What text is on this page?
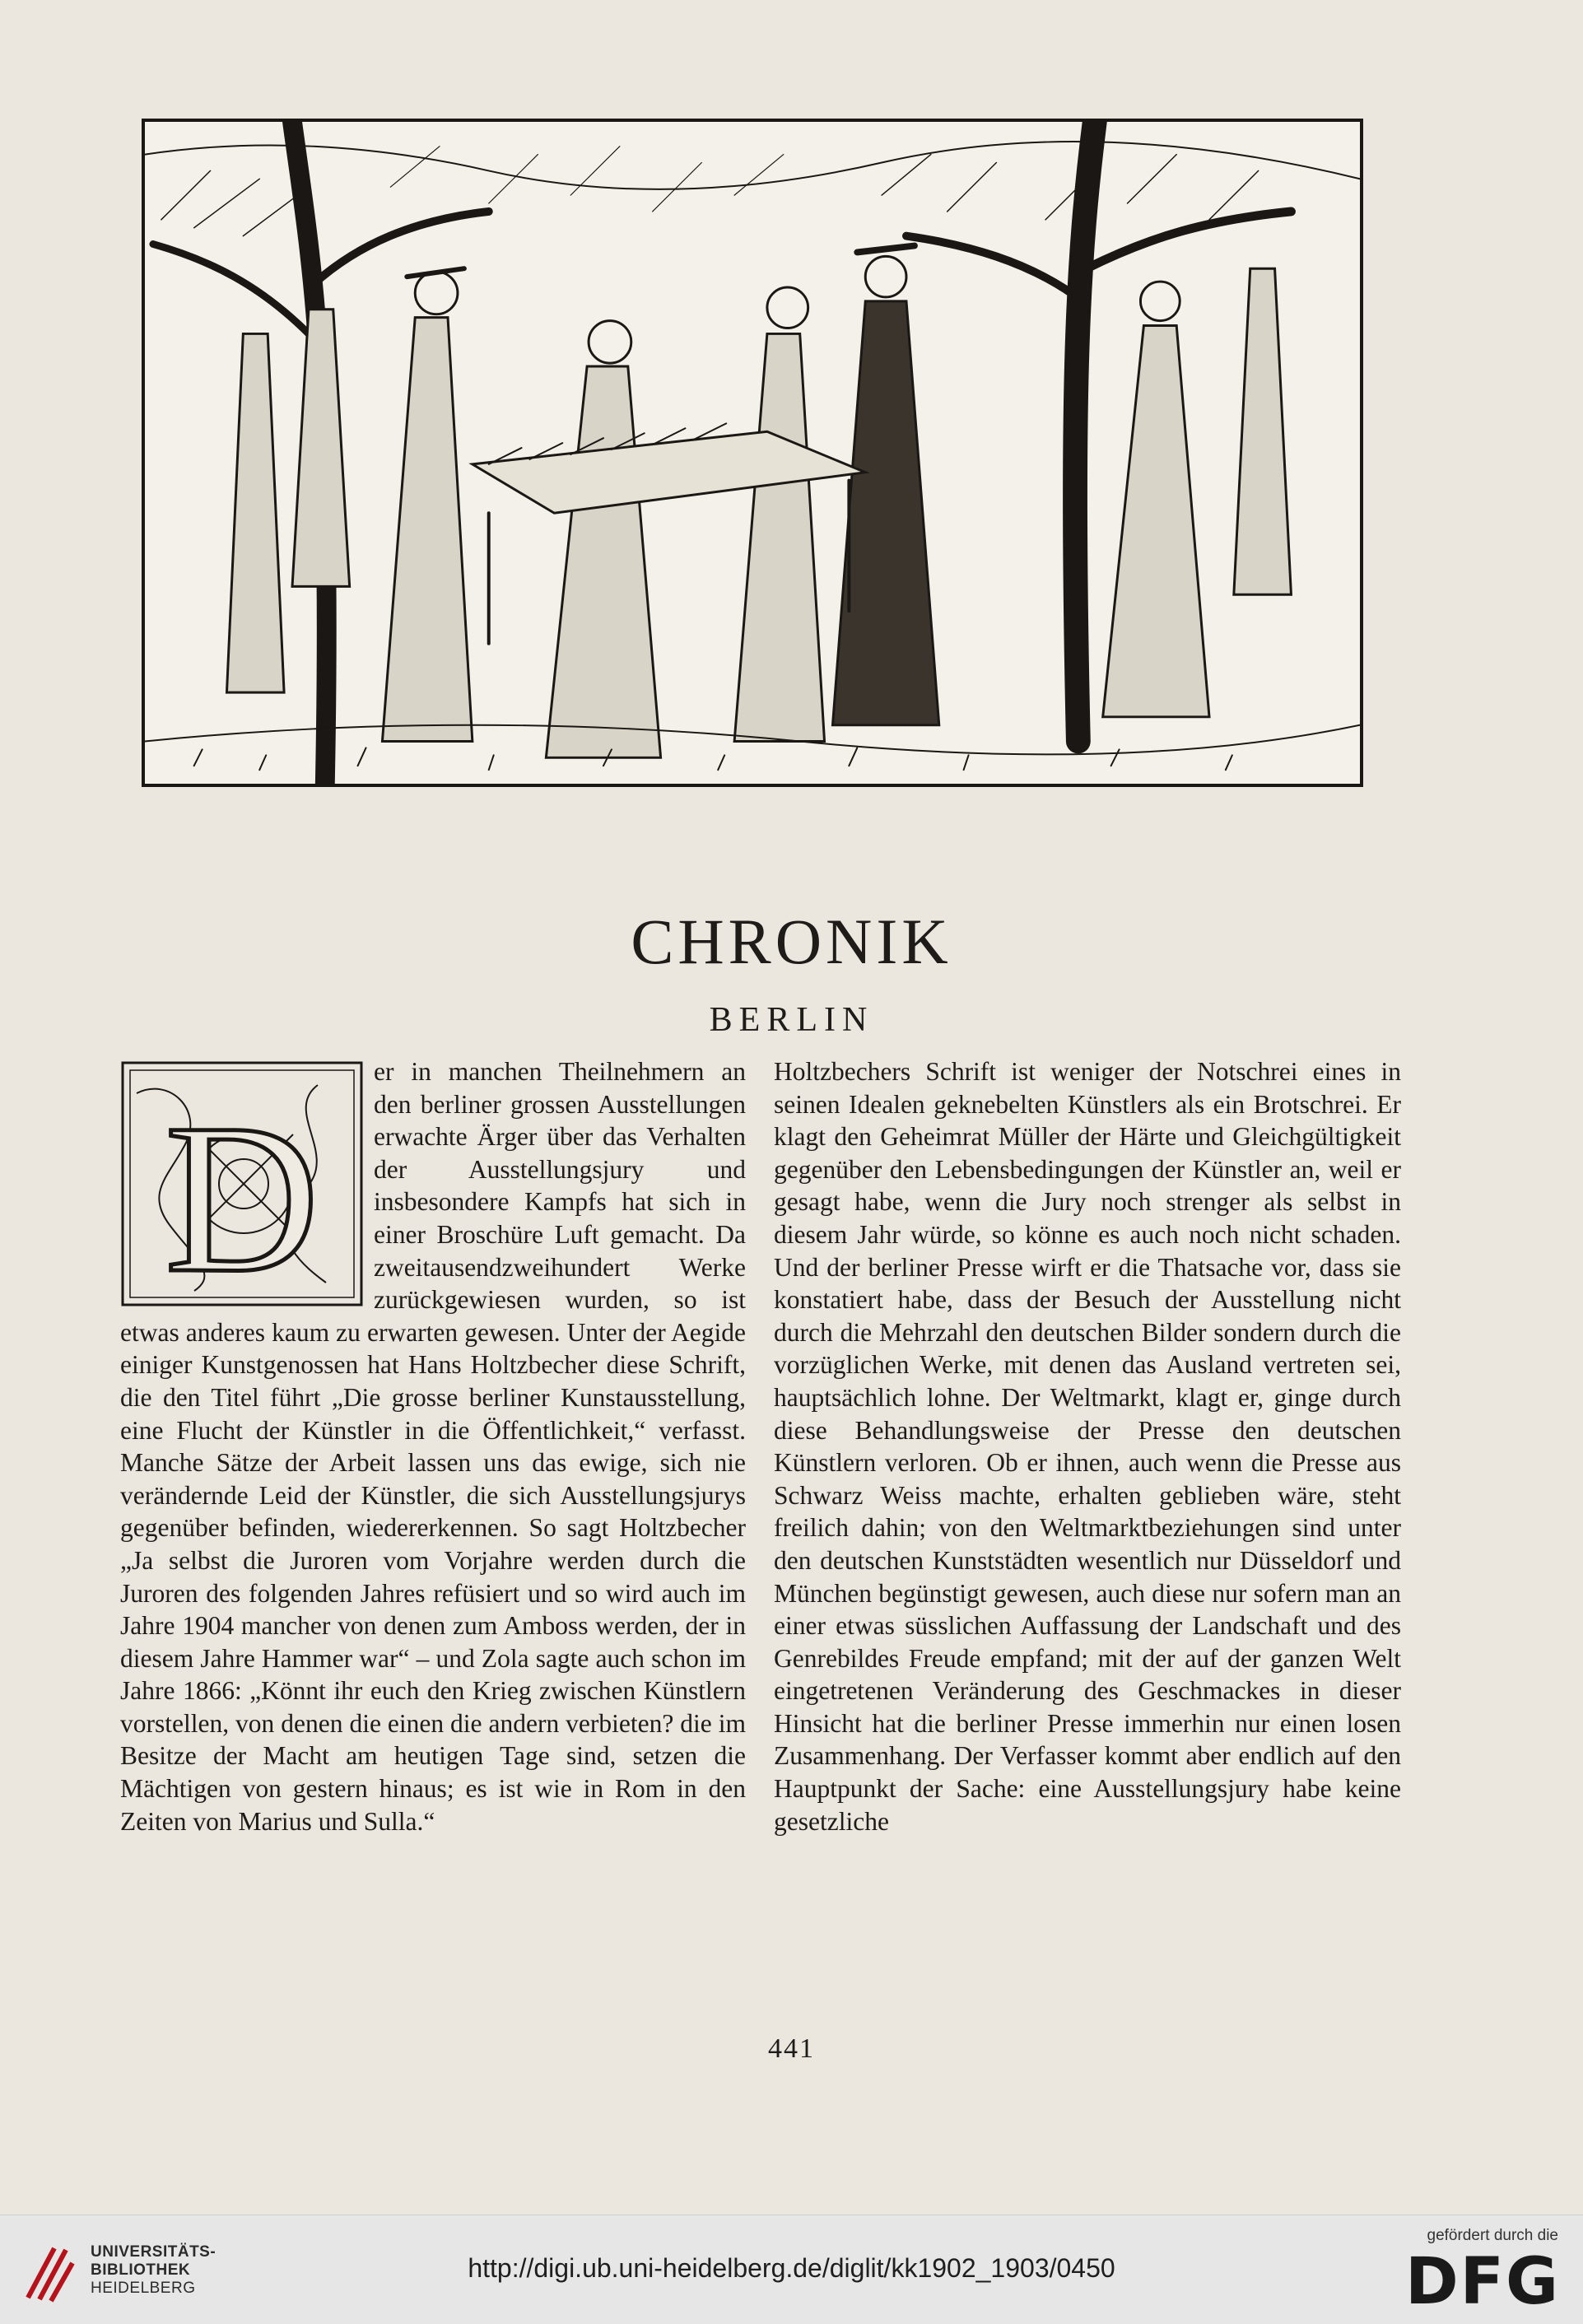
CHRONIK
BERLIN
D

er in manchen Theilnehmern an den berliner grossen Ausstellungen erwachte Ärger über das Verhalten der Ausstellungsjury und insbesondere Kampfs hat sich in einer Broschüre Luft gemacht. Da zweitausendzweihundert Werke zurückgewiesen wurden, so ist etwas anderes kaum zu erwarten gewesen. Unter der Aegide einiger Kunstgenossen hat Hans Holtzbecher diese Schrift, die den Titel führt „Die grosse berliner Kunstausstellung, eine Flucht der Künstler in die Öffentlichkeit,“ verfasst. Manche Sätze der Arbeit lassen uns das ewige, sich nie verändernde Leid der Künstler, die sich Ausstellungsjurys gegenüber befinden, wiedererkennen. So sagt Holtzbecher „Ja selbst die Juroren vom Vorjahre werden durch die Juroren des folgenden Jahres refüsiert und so wird auch im Jahre 1904 mancher von denen zum Amboss werden, der in diesem Jahre Hammer war“ – und Zola sagte auch schon im Jahre 1866: „Könnt ihr euch den Krieg zwischen Künstlern vorstellen, von denen die einen die andern verbieten? die im Besitze der Macht am heutigen Tage sind, setzen die Mächtigen von gestern hinaus; es ist wie in Rom in den Zeiten von Marius und Sulla.“

Holtzbechers Schrift ist weniger der Notschrei eines in seinen Idealen geknebelten Künstlers als ein Brotschrei. Er klagt den Geheimrat Müller der Härte und Gleichgültigkeit gegenüber den Lebensbedingungen der Künstler an, weil er gesagt habe, wenn die Jury noch strenger als selbst in diesem Jahr würde, so könne es auch noch nicht schaden. Und der berliner Presse wirft er die Thatsache vor, dass sie konstatiert habe, dass der Besuch der Ausstellung nicht durch die Mehrzahl den deutschen Bilder sondern durch die vorzüglichen Werke, mit denen das Ausland vertreten sei, hauptsächlich lohne. Der Weltmarkt, klagt er, ginge durch diese Behandlungsweise der Presse den deutschen Künstlern verloren. Ob er ihnen, auch wenn die Presse aus Schwarz Weiss machte, erhalten geblieben wäre, steht freilich dahin; von den Weltmarktbeziehungen sind unter den deutschen Kunststädten wesentlich nur Düsseldorf und München begünstigt gewesen, auch diese nur sofern man an einer etwas süsslichen Auffassung der Landschaft und des Genrebildes Freude empfand; mit der auf der ganzen Welt eingetretenen Veränderung des Geschmackes in dieser Hinsicht hat die berliner Presse immerhin nur einen losen Zusammenhang. Der Verfasser kommt aber endlich auf den Hauptpunkt der Sache: eine Ausstellungsjury habe keine gesetzliche

441
UNIVERSITÄTS-
BIBLIOTHEK
HEIDELBERG
http://digi.ub.uni-heidelberg.de/diglit/kk1902_1903/0450
gefördert durch die
DFG
